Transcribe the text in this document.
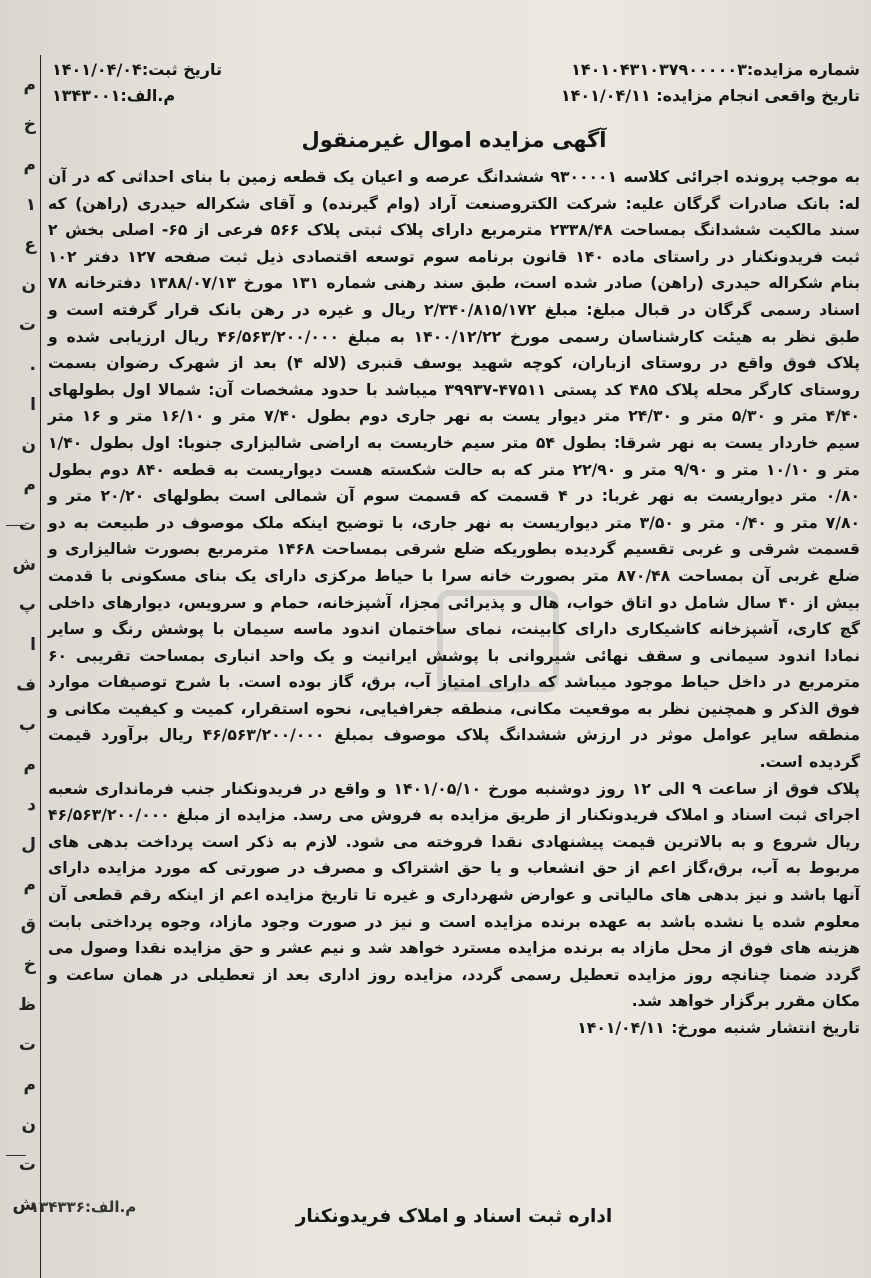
م
خ
م
۱
ع
ن
ت
.
ا
ن
م
ت
ش
پ
ا
ف
ب
م
د
ل
م
ق
خ
ظ
ت
م
ن
ت
ش
شماره مزایده:۱۴۰۱۰۴۳۱۰۳۷۹۰۰۰۰۰۳
تاریخ واقعی انجام مزایده: ۱۴۰۱/۰۴/۱۱
تاریخ ثبت:۱۴۰۱/۰۴/۰۴
م.الف:۱۳۴۳۰۰۱
آگهی مزایده اموال غیرمنقول
به موجب پرونده اجرائی کلاسه ۹۳۰۰۰۰۱ ششدانگ عرصه و اعیان یک قطعه زمین با بنای احداثی که در آن له: بانک صادرات گرگان علیه: شرکت الکتروصنعت آراد (وام گیرنده) و آقای شکراله حیدری (راهن) که سند مالکیت ششدانگ بمساحت ۲۳۳۸/۴۸ مترمربع دارای پلاک ثبتی پلاک ۵۶۶ فرعی از ۶۵- اصلی بخش ۲ ثبت فریدونکنار در راستای ماده ۱۴۰ قانون برنامه سوم توسعه اقتصادی ذیل ثبت صفحه ۱۲۷ دفتر ۱۰۲ بنام شکراله حیدری (راهن) صادر شده است، طبق سند رهنی شماره ۱۳۱ مورخ ۱۳۸۸/۰۷/۱۳ دفترخانه ۷۸ اسناد رسمی گرگان در قبال مبلغ: مبلغ ۲/۳۴۰/۸۱۵/۱۷۲ ریال و غیره در رهن بانک قرار گرفته است و طبق نظر به هیئت کارشناسان رسمی مورخ ۱۴۰۰/۱۲/۲۲ به مبلغ ۴۶/۵۶۳/۲۰۰/۰۰۰ ریال ارزیابی شده و پلاک فوق واقع در روستای ازباران، کوچه شهید یوسف قنبری (لاله ۴) بعد از شهرک رضوان بسمت روستای کارگر محله پلاک ۴۸۵ کد پستی ۴۷۵۱۱-۳۹۹۳۷ میباشد با حدود مشخصات آن: شمالا اول بطولهای ۴/۴۰ متر و ۵/۳۰ متر و ۲۴/۳۰ متر دیوار یست به نهر جاری دوم بطول ۷/۴۰ متر و ۱۶/۱۰ متر و ۱۶ متر سیم خاردار یست به نهر شرقا: بطول ۵۴ متر سیم خاریست به اراضی شالیزاری جنوبا: اول بطول ۱/۴۰ متر و ۱۰/۱۰ متر و ۹/۹۰ متر و ۲۲/۹۰ متر که به حالت شکسته هست دیواریست به قطعه ۸۴۰ دوم بطول ۰/۸۰ متر دیواریست به نهر غربا: در ۴ قسمت که قسمت سوم آن شمالی است بطولهای ۲۰/۲۰ متر و ۷/۸۰ متر و ۰/۴۰ متر و ۳/۵۰ متر دیواریست به نهر جاری، با توضیح اینکه ملک موصوف در طبیعت به دو قسمت شرقی و غربی تقسیم گردیده بطوریکه ضلع شرقی بمساحت ۱۴۶۸ مترمربع بصورت شالیزاری و ضلع غربی آن بمساحت ۸۷۰/۴۸ متر بصورت خانه سرا با حیاط مرکزی دارای یک بنای مسکونی با قدمت بیش از ۴۰ سال شامل دو اتاق خواب، هال و پذیرائی مجزا، آشپزخانه، حمام و سرویس، دیوارهای داخلی گچ کاری، آشپزخانه کاشیکاری دارای کابینت، نمای ساختمان اندود ماسه سیمان با پوشش رنگ و سایر نمادا اندود سیمانی و سقف نهائی شیروانی با پوشش ایرانیت و یک واحد انباری بمساحت تقریبی ۶۰ مترمربع در داخل حیاط موجود میباشد که دارای امتیاز آب، برق، گاز بوده است. با شرح توصیفات موارد فوق الذکر و همچنین نظر به موقعیت مکانی، منطقه جغرافیایی، نحوه استقرار، کمیت و کیفیت مکانی و منطقه سایر عوامل موثر در ارزش ششدانگ پلاک موصوف بمبلغ ۴۶/۵۶۳/۲۰۰/۰۰۰ ریال برآورد قیمت گردیده است.
پلاک فوق از ساعت ۹ الی ۱۲ روز دوشنبه مورخ ۱۴۰۱/۰۵/۱۰ و واقع در فریدونکنار جنب فرمانداری شعبه اجرای ثبت اسناد و املاک فریدونکنار از طریق مزایده به فروش می رسد. مزایده از مبلغ ۴۶/۵۶۳/۲۰۰/۰۰۰ ریال شروع و به بالاترین قیمت پیشنهادی نقدا فروخته می شود. لازم به ذکر است پرداخت بدهی های مربوط به آب، برق،گاز اعم از حق انشعاب و یا حق اشتراک و مصرف در صورتی که مورد مزایده دارای آنها باشد و نیز بدهی های مالیاتی و عوارض شهرداری و غیره تا تاریخ مزایده اعم از اینکه رقم قطعی آن معلوم شده یا نشده باشد به عهده برنده مزایده است و نیز در صورت وجود مازاد، وجوه پرداختی بابت هزینه های فوق از محل مازاد به برنده مزایده مسترد خواهد شد و نیم عشر و حق مزایده نقدا وصول می گردد ضمنا چنانچه روز مزایده تعطیل رسمی گردد، مزایده روز اداری بعد از تعطیلی در همان ساعت و مکان مقرر برگزار خواهد شد.
تاریخ انتشار شنبه مورخ: ۱۴۰۱/۰۴/۱۱
اداره ثبت اسناد و املاک فریدونکنار
م.الف:۱۳۴۳۳۶
